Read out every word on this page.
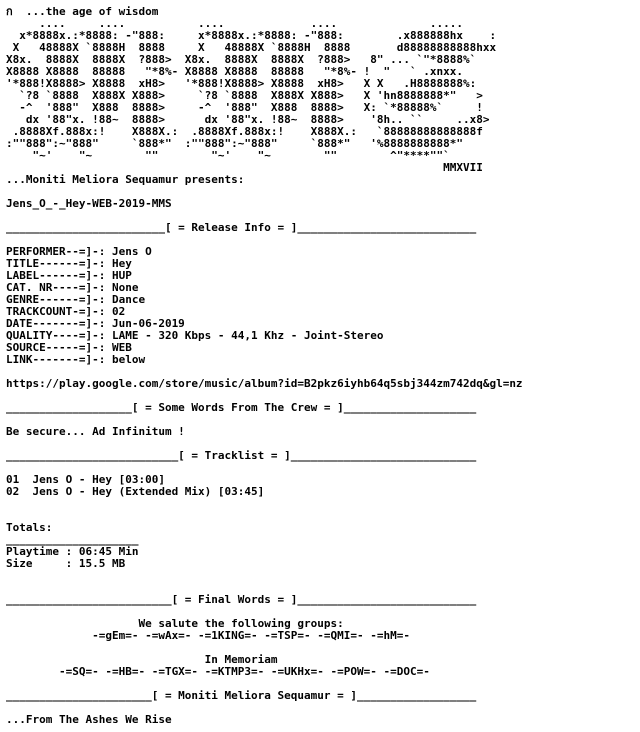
ก  ...the age of wisdom
....     ....           ....             ....              .....
x*8888x.:*8888: -"888:     x*8888x.:*8888: -"888:        .x888888hx    :
X   48888X `8888H  8888     X   48888X `8888H  8888       d88888888888hxx
X8x.  8888X  8888X  ?888>  X8x.  8888X  8888X  ?888>   8" ... `"*8888%`
X8888 X8888  88888   "*8%- X8888 X8888  88888   "*8%- !  "   ` .xnxx.
'*888!X8888> X8888  xH8>   '*888!X8888> X8888  xH8>   X X   .H8888888%:
`?8 `8888  X888X X888>     `?8 `8888  X888X X888>   X 'hn8888888*"   >
-^  '888"  X888  8888>     -^  '888"  X888  8888>   X: `*88888%`     !
dx '88"x. !88~  8888>      dx '88"x. !88~  8888>    '8h.. ``     ..x8>
.8888Xf.888x:!    X888X.:  .8888Xf.888x:!    X888X.:   `88888888888888f
:""888":~"888"     `888*"  :""888":~"888"     `888*"   '%8888888888*"
"~'    "~        ""        "~'    "~        ""        ^"****""`
MMXVII
...Moniti Meliora Sequamur presents:
Jens_O_-_Hey-WEB-2019-MMS
________________________[ = Release Info = ]___________________________
PERFORMER--=]-: Jens O
TITLE------=]-: Hey
LABEL------=]-: HUP
CAT. NR----=]-: None
GENRE------=]-: Dance
TRACKCOUNT-=]-: 02
DATE-------=]-: Jun-06-2019
QUALITY----=]-: LAME - 320 Kbps - 44,1 Khz - Joint-Stereo
SOURCE-----=]-: WEB
LINK-------=]-: below
https://play.google.com/store/music/album?id=B2pkz6iyhb64q5sbj344zm742dq&gl=nz
___________________[ = Some Words From The Crew = ]____________________
Be secure... Ad Infinitum !
__________________________[ = Tracklist = ]____________________________
01  Jens O - Hey [03:00]
02  Jens O - Hey (Extended Mix) [03:45]
Totals:
____________________
Playtime : 06:45 Min
Size     : 15.5 MB
_________________________[ = Final Words = ]___________________________
We salute the following groups:
-=gEm=- -=wAx=- -=1KING=- -=TSP=- -=QMI=- -=hM=-
In Memoriam
-=SQ=- -=HB=- -=TGX=- -=KTMP3=- -=UKHx=- -=POW=- -=DOC=-
______________________[ = Moniti Meliora Sequamur = ]__________________
...From The Ashes We Rise
